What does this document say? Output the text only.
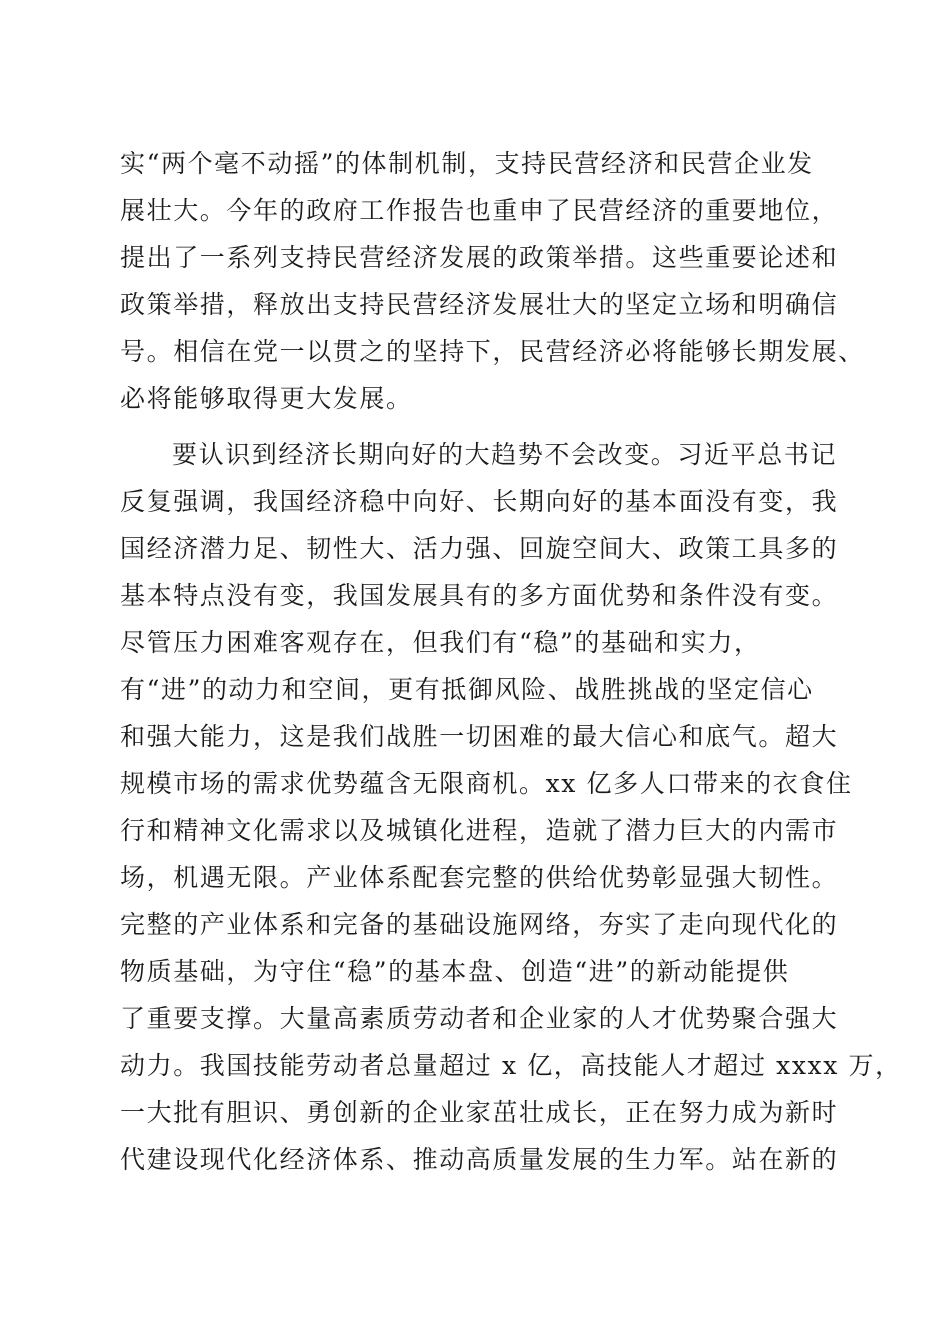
实“两个毫不动摇”的体制机制，支持民营经济和民营企业发
展壮大。今年的政府工作报告也重申了民营经济的重要地位，
提出了一系列支持民营经济发展的政策举措。这些重要论述和
政策举措，释放出支持民营经济发展壮大的坚定立场和明确信
号。相信在党一以贯之的坚持下，民营经济必将能够长期发展、
必将能够取得更大发展。
要认识到经济长期向好的大趋势不会改变。习近平总书记
反复强调，我国经济稳中向好、长期向好的基本面没有变，我
国经济潜力足、韧性大、活力强、回旋空间大、政策工具多的
基本特点没有变，我国发展具有的多方面优势和条件没有变。
尽管压力困难客观存在，但我们有“稳”的基础和实力，
有“进”的动力和空间，更有抵御风险、战胜挑战的坚定信心
和强大能力，这是我们战胜一切困难的最大信心和底气。超大
规模市场的需求优势蕴含无限商机。xx 亿多人口带来的衣食住
行和精神文化需求以及城镇化进程，造就了潜力巨大的内需市
场，机遇无限。产业体系配套完整的供给优势彰显强大韧性。
完整的产业体系和完备的基础设施网络，夯实了走向现代化的
物质基础，为守住“稳”的基本盘、创造“进”的新动能提供
了重要支撑。大量高素质劳动者和企业家的人才优势聚合强大
动力。我国技能劳动者总量超过 x 亿，高技能人才超过 xxxx 万，
一大批有胆识、勇创新的企业家茁壮成长，正在努力成为新时
代建设现代化经济体系、推动高质量发展的生力军。站在新的
